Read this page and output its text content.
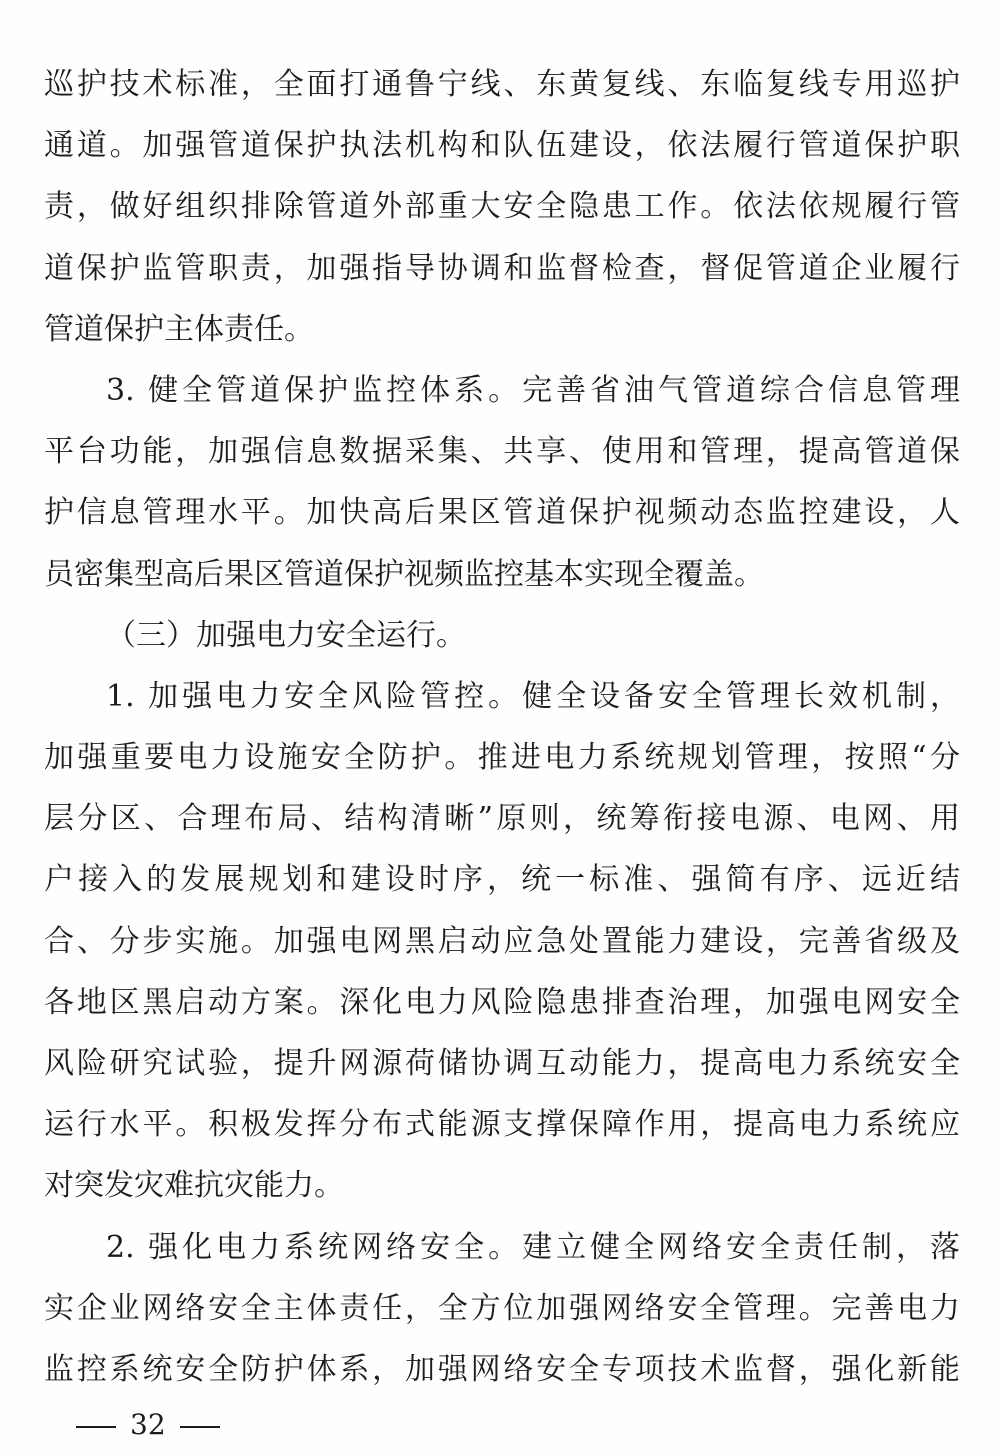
巡护技术标准，全面打通鲁宁线、东黄复线、东临复线专用巡护
通道。加强管道保护执法机构和队伍建设，依法履行管道保护职
责，做好组织排除管道外部重大安全隐患工作。依法依规履行管
道保护监管职责，加强指导协调和监督检查，督促管道企业履行
管道保护主体责任。
3. 健全管道保护监控体系。完善省油气管道综合信息管理
平台功能，加强信息数据采集、共享、使用和管理，提高管道保
护信息管理水平。加快高后果区管道保护视频动态监控建设，人
员密集型高后果区管道保护视频监控基本实现全覆盖。
（三）加强电力安全运行。
1. 加强电力安全风险管控。健全设备安全管理长效机制，
加强重要电力设施安全防护。推进电力系统规划管理，按照“分
层分区、合理布局、结构清晰”原则，统筹衔接电源、电网、用
户接入的发展规划和建设时序，统一标准、强简有序、远近结
合、分步实施。加强电网黑启动应急处置能力建设，完善省级及
各地区黑启动方案。深化电力风险隐患排查治理，加强电网安全
风险研究试验，提升网源荷储协调互动能力，提高电力系统安全
运行水平。积极发挥分布式能源支撑保障作用，提高电力系统应
对突发灾难抗灾能力。
2. 强化电力系统网络安全。建立健全网络安全责任制，落
实企业网络安全主体责任，全方位加强网络安全管理。完善电力
监控系统安全防护体系，加强网络安全专项技术监督，强化新能
32
